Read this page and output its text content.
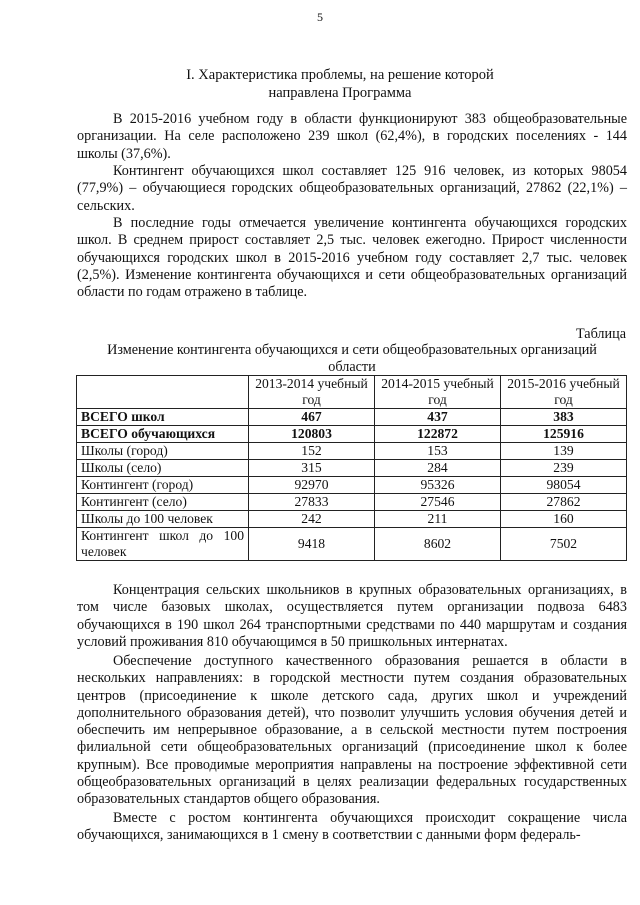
5
I. Характеристика проблемы, на решение которой
направлена Программа

В 2015-2016 учебном году в области функционируют 383 общеобразовательные организации. На селе расположено 239 школ (62,4%), в городских поселениях - 144 школы (37,6%).

Контингент обучающихся школ составляет 125 916 человек, из которых 98054 (77,9%) – обучающиеся городских общеобразовательных организаций, 27862 (22,1%) – сельских.

В последние годы отмечается увеличение контингента обучающихся городских школ. В среднем прирост составляет 2,5 тыс. человек ежегодно. Прирост численности обучающихся городских школ в 2015-2016 учебном году составляет 2,7 тыс. человек (2,5%). Изменение контингента обучающихся и сети общеобразовательных организаций области по годам отражено в таблице.

Таблица
Изменение контингента обучающихся и сети общеобразовательных организаций области
	2013-2014 учебный год	2014-2015 учебный год	2015-2016 учебный год
ВСЕГО школ	467	437	383
ВСЕГО обучающихся	120803	122872	125916
Школы (город)	152	153	139
Школы (село)	315	284	239
Контингент (город)	92970	95326	98054
Контингент (село)	27833	27546	27862
Школы до 100 человек	242	211	160
Контингент школ до 100 человек	9418	8602	7502

Концентрация сельских школьников в крупных образовательных организациях, в том числе базовых школах, осуществляется путем организации подвоза 6483 обучающихся в 190 школ 264 транспортными средствами по 440 маршрутам и создания условий проживания 810 обучающимся в 50 пришкольных интернатах.

Обеспечение доступного качественного образования решается в области в нескольких направлениях: в городской местности путем создания образовательных центров (присоединение к школе детского сада, других школ и учреждений дополнительного образования детей), что позволит улучшить условия обучения детей и обеспечить им непрерывное образование, а в сельской местности путем построения филиальной сети общеобразовательных организаций (присоединение школ к более крупным). Все проводимые мероприятия направлены на построение эффективной сети общеобразовательных организаций в целях реализации федеральных государственных образовательных стандартов общего образования.

Вместе с ростом контингента обучающихся происходит сокращение числа обучающихся, занимающихся в 1 смену в соответствии с данными форм федераль-
